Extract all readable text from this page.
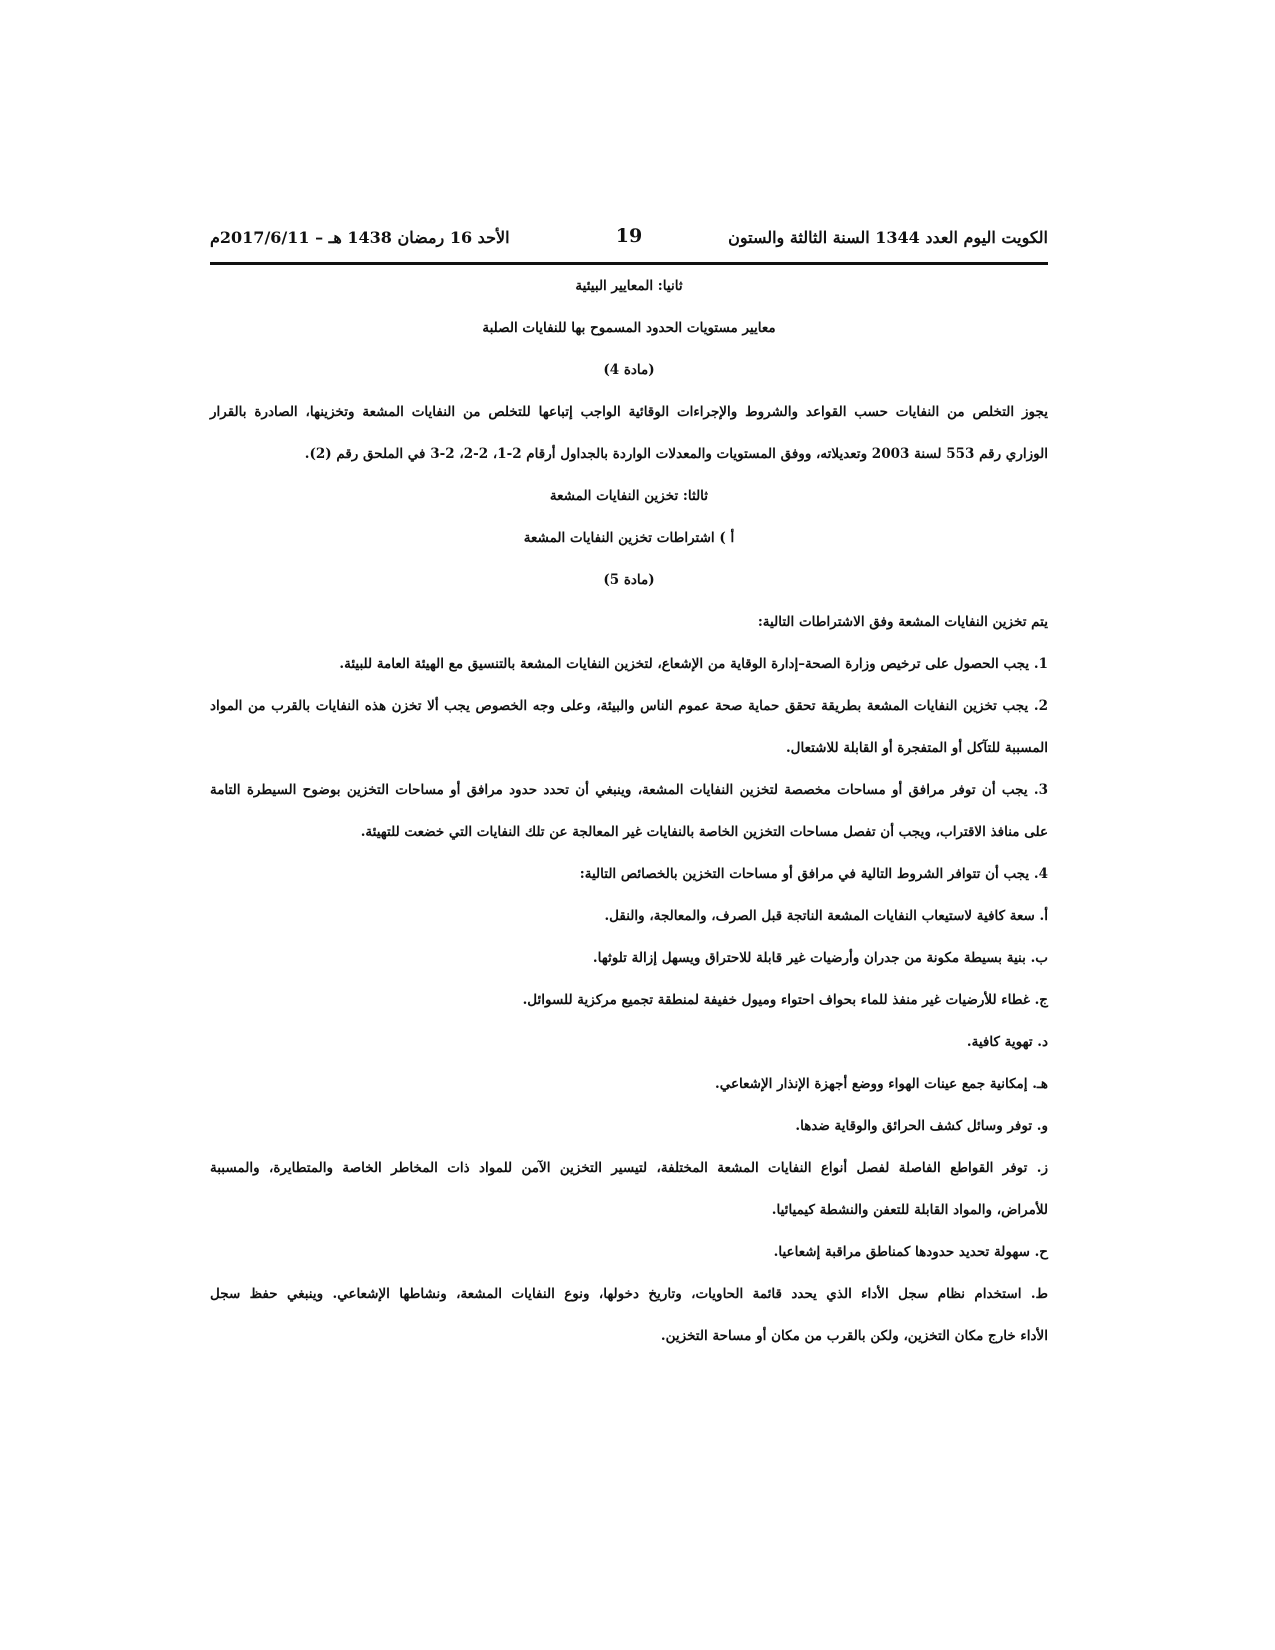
الكويت اليوم العدد 1344 السنة الثالثة والستون
19
الأحد 16 رمضان 1438 هـ – 2017/6/11م

ثانيا: المعايير البيئية

معايير مستويات الحدود المسموح بها للنفايات الصلبة

(مادة 4)

يجوز التخلص من النفايات حسب القواعد والشروط والإجراءات الوقائية الواجب إتباعها للتخلص من النفايات المشعة وتخزينها، الصادرة بالقرار

الوزاري رقم 553 لسنة 2003 وتعديلاته، ووفق المستويات والمعدلات الواردة بالجداول أرقام 2-1، 2-2، 2-3 في الملحق رقم (2).

ثالثا: تخزين النفايات المشعة

أ ) اشتراطات تخزين النفايات المشعة

(مادة 5)

يتم تخزين النفايات المشعة وفق الاشتراطات التالية:

1. يجب الحصول على ترخيص وزارة الصحة–إدارة الوقاية من الإشعاع، لتخزين النفايات المشعة بالتنسيق مع الهيئة العامة للبيئة.

2. يجب تخزين النفايات المشعة بطريقة تحقق حماية صحة عموم الناس والبيئة، وعلى وجه الخصوص يجب ألا تخزن هذه النفايات بالقرب من المواد

المسببة للتآكل أو المتفجرة أو القابلة للاشتعال.

3. يجب أن توفر مرافق أو مساحات مخصصة لتخزين النفايات المشعة، وينبغي أن تحدد حدود مرافق أو مساحات التخزين بوضوح السيطرة التامة

على منافذ الاقتراب، ويجب أن تفصل مساحات التخزين الخاصة بالنفايات غير المعالجة عن تلك النفايات التي خضعت للتهيئة.

4. يجب أن تتوافر الشروط التالية في مرافق أو مساحات التخزين بالخصائص التالية:

أ. سعة كافية لاستيعاب النفايات المشعة الناتجة قبل الصرف، والمعالجة، والنقل.

ب. بنية بسيطة مكونة من جدران وأرضيات غير قابلة للاحتراق ويسهل إزالة تلوثها.

ج. غطاء للأرضيات غير منفذ للماء بحواف احتواء وميول خفيفة لمنطقة تجميع مركزية للسوائل.

د. تهوية كافية.

هـ. إمكانية جمع عينات الهواء ووضع أجهزة الإنذار الإشعاعي.

و. توفر وسائل كشف الحرائق والوقاية ضدها.

ز. توفر القواطع الفاصلة لفصل أنواع النفايات المشعة المختلفة، لتيسير التخزين الآمن للمواد ذات المخاطر الخاصة والمتطايرة، والمسببة

للأمراض، والمواد القابلة للتعفن والنشطة كيميائيا.

ح. سهولة تحديد حدودها كمناطق مراقبة إشعاعيا.

ط. استخدام نظام سجل الأداء الذي يحدد قائمة الحاويات، وتاريخ دخولها، ونوع النفايات المشعة، ونشاطها الإشعاعي. وينبغي حفظ سجل

الأداء خارج مكان التخزين، ولكن بالقرب من مكان أو مساحة التخزين.
